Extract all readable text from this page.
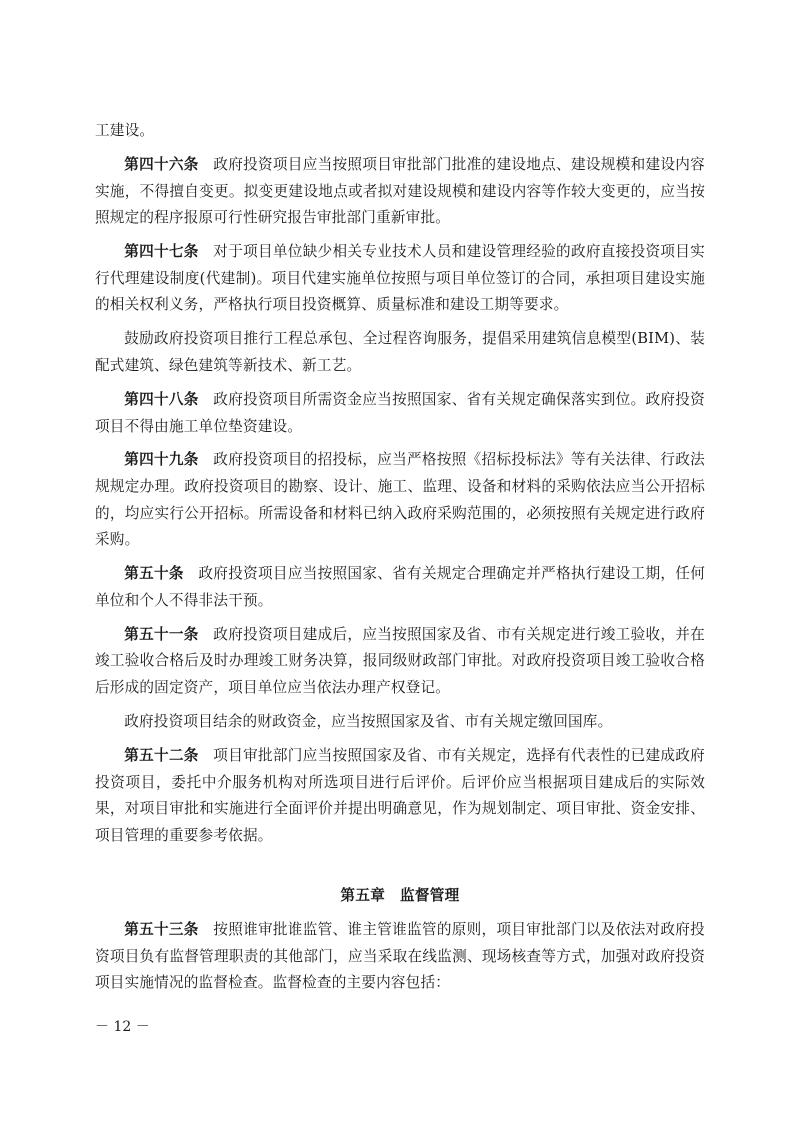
工建设。

第四十六条 政府投资项目应当按照项目审批部门批准的建设地点、建设规模和建设内容实施，不得擅自变更。拟变更建设地点或者拟对建设规模和建设内容等作较大变更的，应当按照规定的程序报原可行性研究报告审批部门重新审批。

第四十七条 对于项目单位缺少相关专业技术人员和建设管理经验的政府直接投资项目实行代理建设制度(代建制)。项目代建实施单位按照与项目单位签订的合同，承担项目建设实施的相关权利义务，严格执行项目投资概算、质量标准和建设工期等要求。

鼓励政府投资项目推行工程总承包、全过程咨询服务，提倡采用建筑信息模型(BIM)、装配式建筑、绿色建筑等新技术、新工艺。

第四十八条 政府投资项目所需资金应当按照国家、省有关规定确保落实到位。政府投资项目不得由施工单位垫资建设。

第四十九条 政府投资项目的招投标，应当严格按照《招标投标法》等有关法律、行政法规规定办理。政府投资项目的勘察、设计、施工、监理、设备和材料的采购依法应当公开招标的，均应实行公开招标。所需设备和材料已纳入政府采购范围的，必须按照有关规定进行政府采购。

第五十条 政府投资项目应当按照国家、省有关规定合理确定并严格执行建设工期，任何单位和个人不得非法干预。

第五十一条 政府投资项目建成后，应当按照国家及省、市有关规定进行竣工验收，并在竣工验收合格后及时办理竣工财务决算，报同级财政部门审批。对政府投资项目竣工验收合格后形成的固定资产，项目单位应当依法办理产权登记。

政府投资项目结余的财政资金，应当按照国家及省、市有关规定缴回国库。

第五十二条 项目审批部门应当按照国家及省、市有关规定，选择有代表性的已建成政府投资项目，委托中介服务机构对所选项目进行后评价。后评价应当根据项目建成后的实际效果，对项目审批和实施进行全面评价并提出明确意见，作为规划制定、项目审批、资金安排、项目管理的重要参考依据。

第五章　监督管理

第五十三条 按照谁审批谁监管、谁主管谁监管的原则，项目审批部门以及依法对政府投资项目负有监督管理职责的其他部门，应当采取在线监测、现场核查等方式，加强对政府投资项目实施情况的监督检查。监督检查的主要内容包括：

－ 12 －
